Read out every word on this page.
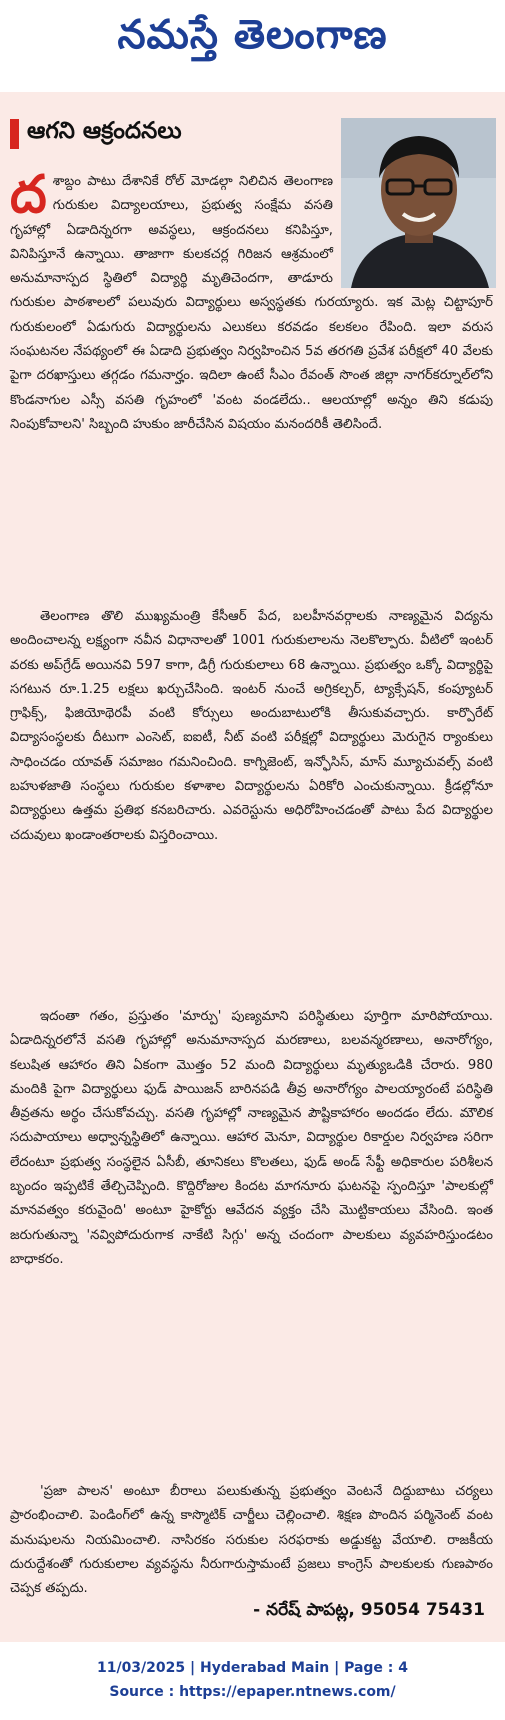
నమస్తే తెలంగాణ
ఆగని ఆక్రందనలు
ద శాబ్దం పాటు దేశానికే రోల్ మోడల్గా నిలిచిన తెలంగాణ గురుకుల విద్యాలయాలు, ప్రభుత్వ సంక్షేమ వసతి గృహాల్లో ఏడాదిన్నరగా అవస్థలు, ఆక్రందనలు కనిపిస్తూ, వినిపిస్తూనే ఉన్నాయి. తాజాగా కులకచర్ల గిరిజన ఆశ్రమంలో అనుమానాస్పద స్థితిలో విద్యార్థి మృతిచెందగా, తాడూరు గురుకుల పాఠశాలలో పలువురు విద్యార్థులు అస్వస్థతకు గురయ్యారు. ఇక మెట్ల చిట్టాపూర్ గురుకులంలో ఏడుగురు విద్యార్థులను ఎలుకలు కరవడం కలకలం రేపింది. ఇలా వరుస సంఘటనల నేపథ్యంలో ఈ ఏడాది ప్రభుత్వం నిర్వహించిన 5వ తరగతి ప్రవేశ పరీక్షలో 40 వేలకు పైగా దరఖాస్తులు తగ్గడం గమనార్హం. ఇదిలా ఉంటే సీఎం రేవంత్ సొంత జిల్లా నాగర్‌కర్నూల్‌లోని కొండనాగుల ఎస్సీ వసతి గృహంలో 'వంట వండలేదు.. ఆలయాల్లో అన్నం తిని కడుపు నింపుకోవాలని' సిబ్బంది హుకుం జారీచేసిన విషయం మనందరికీ తెలిసిందే.
తెలంగాణ తొలి ముఖ్యమంత్రి కేసీఆర్ పేద, బలహీనవర్గాలకు నాణ్యమైన విద్యను అందించాలన్న లక్ష్యంగా నవీన విధానాలతో 1001 గురుకులాలను నెలకొల్పారు. వీటిలో ఇంటర్ వరకు అప్‌గ్రేడ్ అయినవి 597 కాగా, డిగ్రీ గురుకులాలు 68 ఉన్నాయి. ప్రభుత్వం ఒక్కో విద్యార్థిపై సగటున రూ.1.25 లక్షలు ఖర్చుచేసింది. ఇంటర్ నుంచే అగ్రికల్చర్, ట్యాక్సేషన్, కంప్యూటర్ గ్రాఫిక్స్, ఫిజియోథెరపీ వంటి కోర్సులు అందుబాటులోకి తీసుకువచ్చారు. కార్పొరేట్ విద్యాసంస్థలకు దీటుగా ఎంసెట్, ఐఐటీ, నీట్ వంటి పరీక్షల్లో విద్యార్థులు మెరుగైన ర్యాంకులు సాధించడం యావత్ సమాజం గమనించింది. కాగ్నిజెంట్, ఇన్ఫోసిస్, మాస్ మ్యూచువల్స్ వంటి బహుళజాతి సంస్థలు గురుకుల కళాశాల విద్యార్థులను ఏరికోరి ఎంచుకున్నాయి. క్రీడల్లోనూ విద్యార్థులు ఉత్తమ ప్రతిభ కనబరిచారు. ఎవరెస్టును అధిరోహించడంతో పాటు పేద విద్యార్థుల చదువులు ఖండాంతరాలకు విస్తరించాయి.
ఇదంతా గతం, ప్రస్తుతం 'మార్పు' పుణ్యమాని పరిస్థితులు పూర్తిగా మారిపోయాయి. ఏడాదిన్నరలోనే వసతి గృహాల్లో అనుమానాస్పద మరణాలు, బలవన్మరణాలు, అనారోగ్యం, కలుషిత ఆహారం తిని ఏకంగా మొత్తం 52 మంది విద్యార్థులు మృత్యుఒడికి చేరారు. 980 మందికి పైగా విద్యార్థులు ఫుడ్ పాయిజన్ బారినపడి తీవ్ర అనారోగ్యం పాలయ్యారంటే పరిస్థితి తీవ్రతను అర్థం చేసుకోవచ్చు. వసతి గృహాల్లో నాణ్యమైన పౌష్టికాహారం అందడం లేదు. మౌలిక సదుపాయాలు అధ్వాన్నస్థితిలో ఉన్నాయి. ఆహార మెనూ, విద్యార్థుల రికార్డుల నిర్వహణ సరిగా లేదంటూ ప్రభుత్వ సంస్థలైన ఏసీబీ, తూనికలు కొలతలు, ఫుడ్ అండ్ సేఫ్టీ అధికారుల పరిశీలన బృందం ఇప్పటికే తేల్చిచెప్పింది. కొద్దిరోజుల కిందట మాగనూరు ఘటనపై స్పందిస్తూ 'పాలకుల్లో మానవత్వం కరువైంది' అంటూ హైకోర్టు ఆవేదన వ్యక్తం చేసి మొట్టికాయలు వేసింది. ఇంత జరుగుతున్నా 'నవ్విపోదురుగాక నాకేటి సిగ్గు' అన్న చందంగా పాలకులు వ్యవహరిస్తుండటం బాధాకరం.
'ప్రజా పాలన' అంటూ బీరాలు పలుకుతున్న ప్రభుత్వం వెంటనే దిద్దుబాటు చర్యలు ప్రారంభించాలి. పెండింగ్‌లో ఉన్న కాస్మొటిక్ చార్జీలు చెల్లించాలి. శిక్షణ పొందిన పర్మినెంట్ వంట మనుషులను నియమించాలి. నాసిరకం సరుకుల సరఫరాకు అడ్డుకట్ట వేయాలి. రాజకీయ దురుద్దేశంతో గురుకులాల వ్యవస్థను నీరుగారుస్తామంటే ప్రజలు కాంగ్రెస్ పాలకులకు గుణపాఠం చెప్పక తప్పదు.
- నరేష్ పాపట్ల, 95054 75431
11/03/2025 | Hyderabad Main | Page : 4
Source : https://epaper.ntnews.com/
